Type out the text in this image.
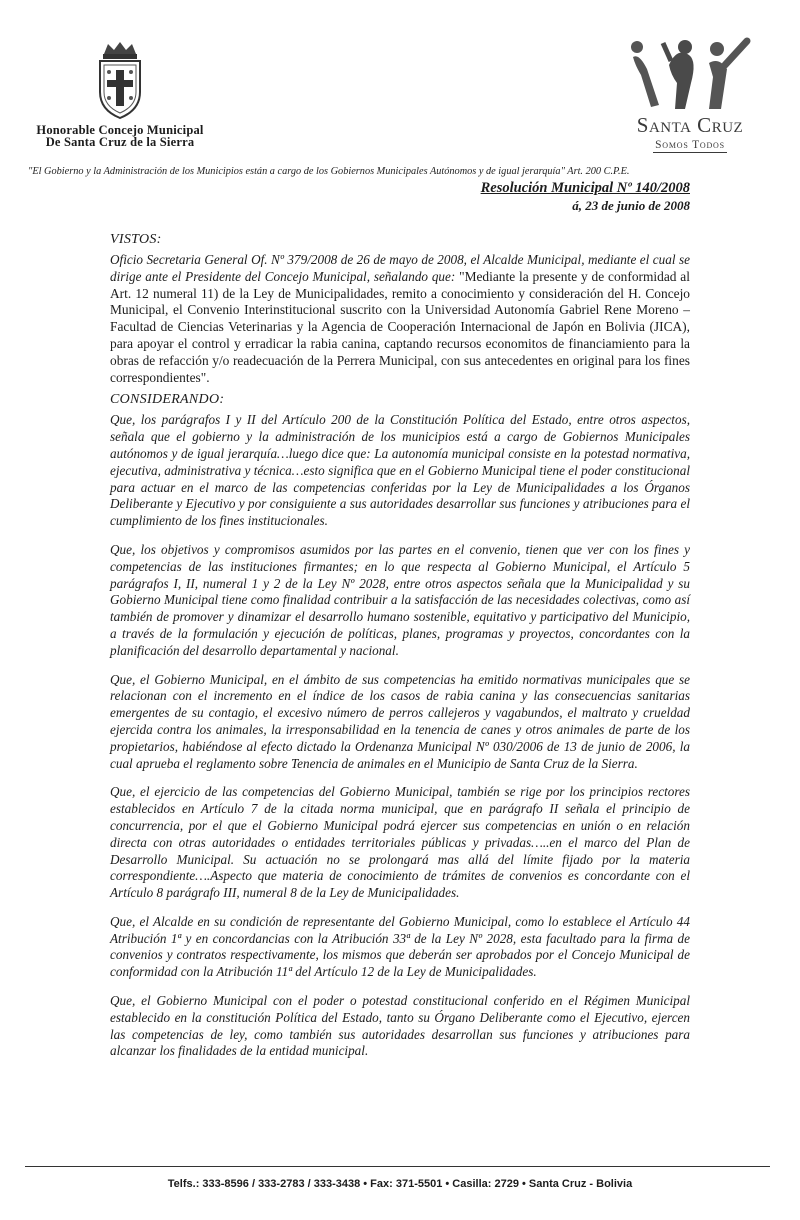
Honorable Concejo Municipal
De Santa Cruz de la Sierra
Santa Cruz
Somos Todos
"El Gobierno y la Administración de los Municipios están a cargo de los Gobiernos Municipales Autónomos y de igual jerarquía" Art. 200 C.P.E.
Resolución Municipal Nº 140/2008
á, 23 de junio de 2008
VISTOS:

Oficio Secretaria General Of. Nº 379/2008 de 26 de mayo de 2008, el Alcalde Municipal, mediante el cual se dirige ante el Presidente del Concejo Municipal, señalando que: "Mediante la presente y de conformidad al Art. 12 numeral 11) de la Ley de Municipalidades, remito a conocimiento y consideración del H. Concejo Municipal, el Convenio Interinstitucional suscrito con la Universidad Autonomía Gabriel Rene Moreno – Facultad de Ciencias Veterinarias y la Agencia de Cooperación Internacional de Japón en Bolivia (JICA), para apoyar el control y erradicar la rabia canina, captando recursos economitos de financiamiento para la obras de refacción y/o readecuación de la Perrera Municipal, con sus antecedentes en original para los fines correspondientes".

CONSIDERANDO:

Que, los parágrafos I y II del Artículo 200 de la Constitución Política del Estado, entre otros aspectos, señala que el gobierno y la administración de los municipios está a cargo de Gobiernos Municipales autónomos y de igual jerarquía…luego dice que: La autonomía municipal consiste en la potestad normativa, ejecutiva, administrativa y técnica…esto significa que en el Gobierno Municipal tiene el poder constitucional para actuar en el marco de las competencias conferidas por la Ley de Municipalidades a los Órganos Deliberante y Ejecutivo y por consiguiente a sus autoridades desarrollar sus funciones y atribuciones para el cumplimiento de los fines institucionales.

Que, los objetivos y compromisos asumidos por las partes en el convenio, tienen que ver con los fines y competencias de las instituciones firmantes; en lo que respecta al Gobierno Municipal, el Artículo 5 parágrafos I, II, numeral 1 y 2 de la Ley Nº 2028, entre otros aspectos señala que la Municipalidad y su Gobierno Municipal tiene como finalidad contribuir a la satisfacción de las necesidades colectivas, como así también de promover y dinamizar el desarrollo humano sostenible, equitativo y participativo del Municipio, a través de la formulación y ejecución de políticas, planes, programas y proyectos, concordantes con la planificación del desarrollo departamental y nacional.

Que, el Gobierno Municipal, en el ámbito de sus competencias ha emitido normativas municipales que se relacionan con el incremento en el índice de los casos de rabia canina y las consecuencias sanitarias emergentes de su contagio, el excesivo número de perros callejeros y vagabundos, el maltrato y crueldad ejercida contra los animales, la irresponsabilidad en la tenencia de canes y otros animales de parte de los propietarios, habiéndose al efecto dictado la Ordenanza Municipal Nº 030/2006 de 13 de junio de 2006, la cual aprueba el reglamento sobre Tenencia de animales en el Municipio de Santa Cruz de la Sierra.

Que, el ejercicio de las competencias del Gobierno Municipal, también se rige por los principios rectores establecidos en Artículo 7 de la citada norma municipal, que en parágrafo II señala el principio de concurrencia, por el que el Gobierno Municipal podrá ejercer sus competencias en unión o en relación directa con otras autoridades o entidades territoriales públicas y privadas…..en el marco del Plan de Desarrollo Municipal. Su actuación no se prolongará mas allá del límite fijado por la materia correspondiente….Aspecto que materia de conocimiento de trámites de convenios es concordante con el Artículo 8 parágrafo III, numeral 8 de la Ley de Municipalidades.

Que, el Alcalde en su condición de representante del Gobierno Municipal, como lo establece el Artículo 44 Atribución 1ª y en concordancias con la Atribución 33ª de la Ley Nº 2028, esta facultado para la firma de convenios y contratos respectivamente, los mismos que deberán ser aprobados por el Concejo Municipal de conformidad con la Atribución 11ª del Artículo 12 de la Ley de Municipalidades.

Que, el Gobierno Municipal con el poder o potestad constitucional conferido en el Régimen Municipal establecido en la constitución Política del Estado, tanto su Órgano Deliberante como el Ejecutivo, ejercen las competencias de ley, como también sus autoridades desarrollan sus funciones y atribuciones para alcanzar los finalidades de la entidad municipal.

Telfs.: 333-8596 / 333-2783 / 333-3438 • Fax: 371-5501 • Casilla: 2729 • Santa Cruz - Bolivia
